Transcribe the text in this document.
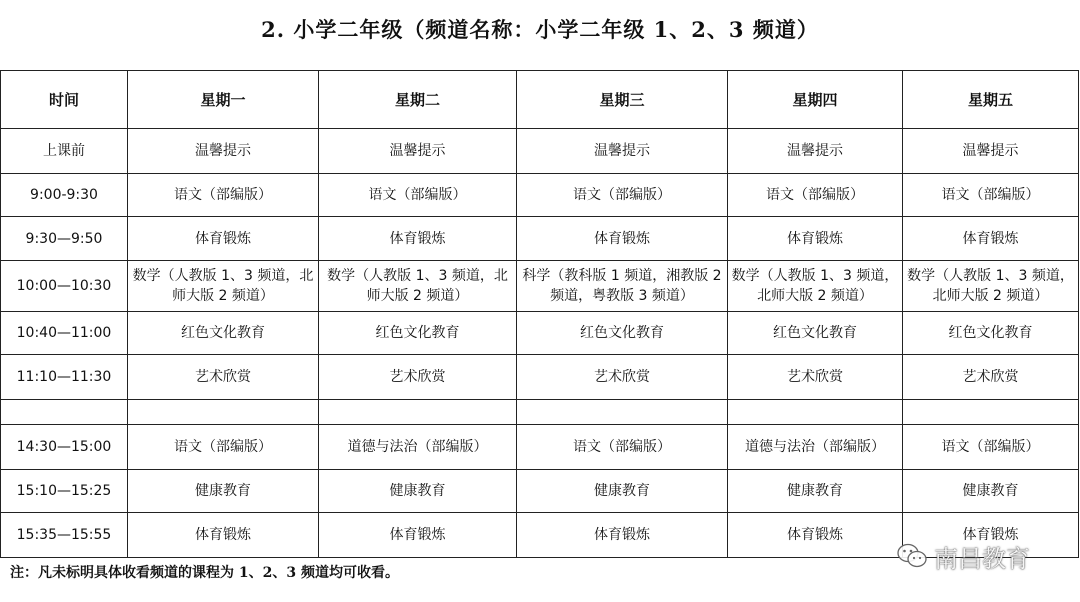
2. 小学二年级（频道名称：小学二年级 1、2、3 频道）
时间	星期一	星期二	星期三	星期四	星期五
上课前	温馨提示	温馨提示	温馨提示	温馨提示	温馨提示
9:00-9:30	语文（部编版）	语文（部编版）	语文（部编版）	语文（部编版）	语文（部编版）
9:30—9:50	体育锻炼	体育锻炼	体育锻炼	体育锻炼	体育锻炼
10:00—10:30	数学（人教版 1、3 频道，北师大版 2 频道）	数学（人教版 1、3 频道，北师大版 2 频道）	科学（教科版 1 频道，湘教版 2 频道，粤教版 3 频道）	数学（人教版 1、3 频道，北师大版 2 频道）	数学（人教版 1、3 频道，北师大版 2 频道）
10:40—11:00	红色文化教育	红色文化教育	红色文化教育	红色文化教育	红色文化教育
11:10—11:30	艺术欣赏	艺术欣赏	艺术欣赏	艺术欣赏	艺术欣赏

14:30—15:00	语文（部编版）	道德与法治（部编版）	语文（部编版）	道德与法治（部编版）	语文（部编版）
15:10—15:25	健康教育	健康教育	健康教育	健康教育	健康教育
15:35—15:55	体育锻炼	体育锻炼	体育锻炼	体育锻炼	体育锻炼
注：凡未标明具体收看频道的课程为 1、2、3 频道均可收看。
南昌教育
